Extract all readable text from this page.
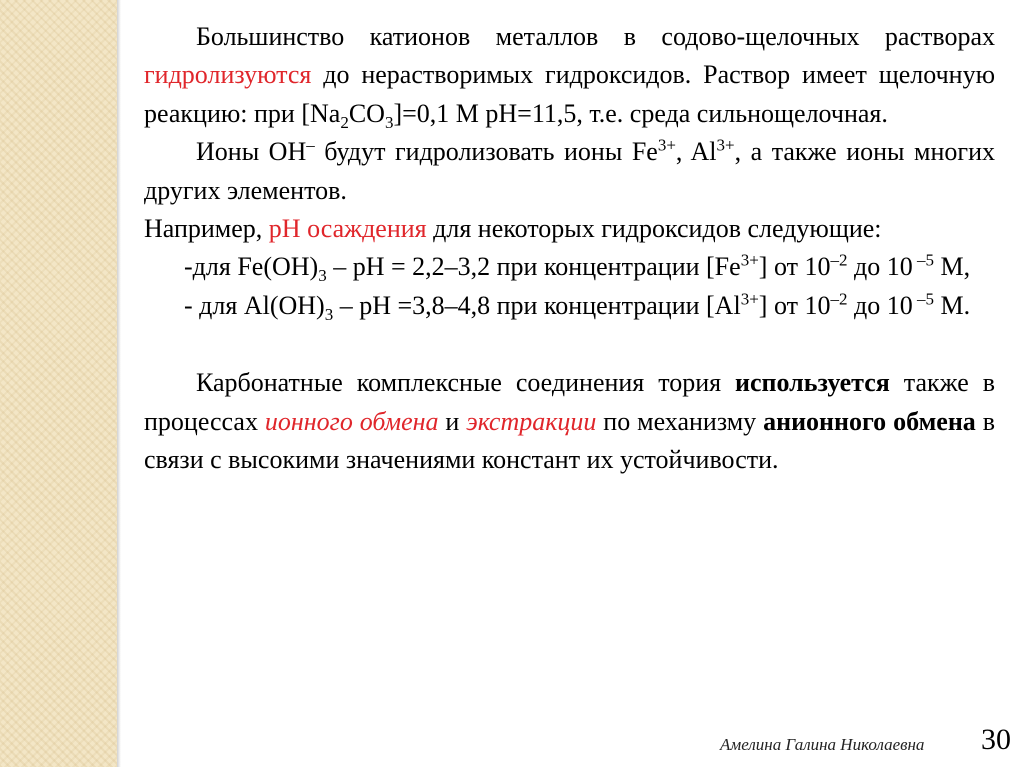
Большинство катионов металлов в содово-щелочных растворах гидролизуются до нерастворимых гидроксидов. Раствор имеет щелочную реакцию: при $[Na_2CO_3]=0,1$ М pH=11,5, т.е. среда сильнощелочная.

Ионы OH– будут гидролизовать ионы $Fe^{3+}$, $Al^{3+}$, а также ионы многих других элементов.

Например, pH осаждения для некоторых гидроксидов следующие:

-для $Fe(OH)_3$ – pH = 2,2–3,2 при концентрации $[Fe^{3+}]$ от $10^{-2}$ до 10 $^{-5}$ М,

- для $Al(OH)_3$ – pH =3,8–4,8 при концентрации $[Al^{3+}]$ от $10^{-2}$ до 10 $^{-5}$ М.

Карбонатные комплексные соединения тория используется также в процессах ионного обмена и экстракции по механизму анионного обмена в связи с высокими значениями констант их устойчивости.

Амелина Галина Николаевна 30
